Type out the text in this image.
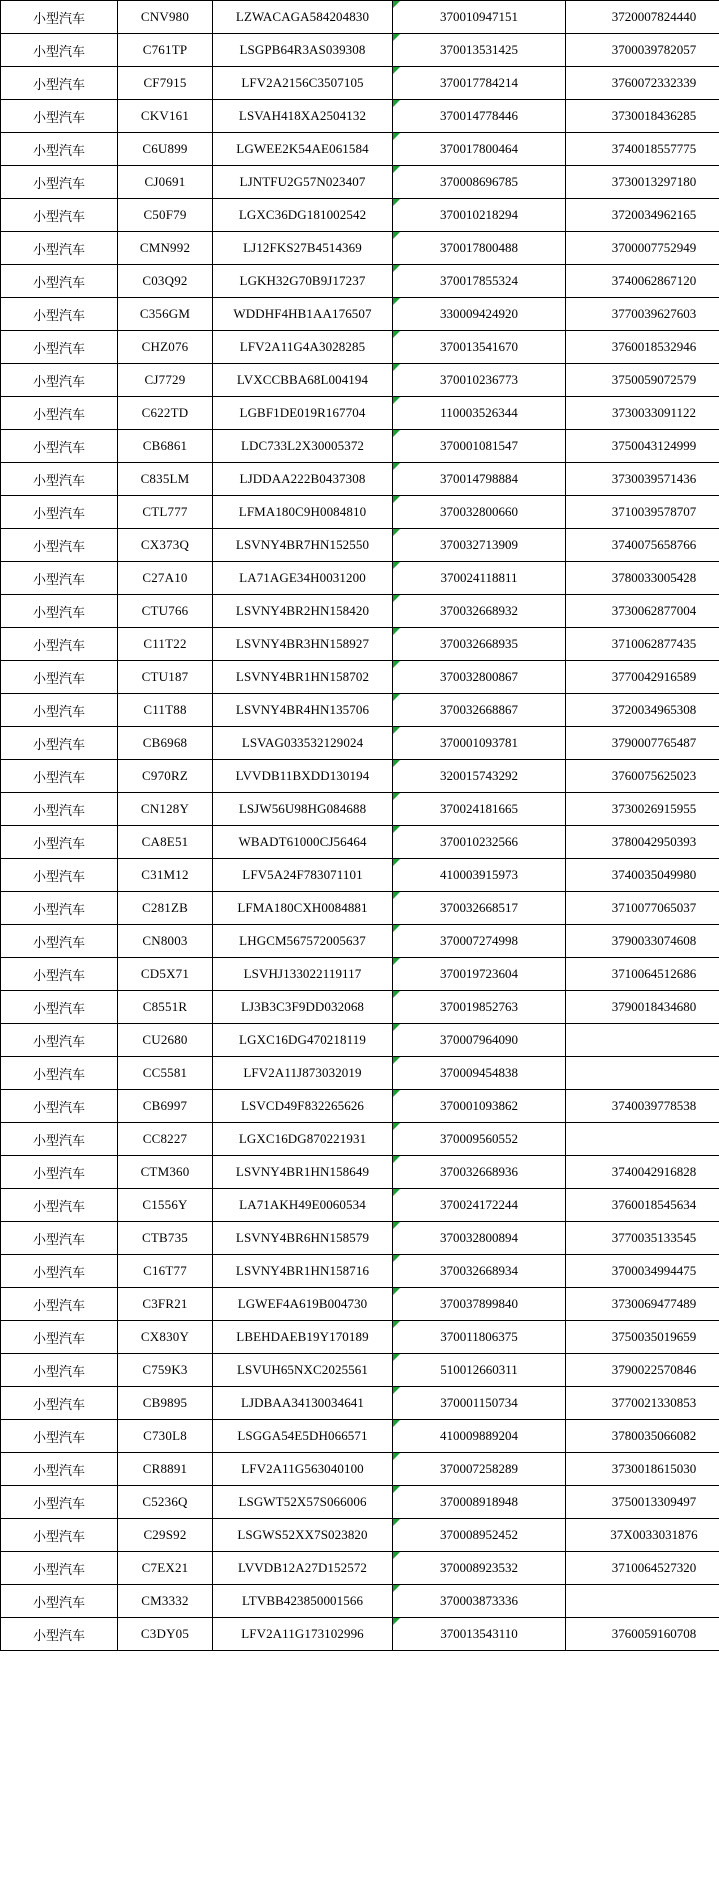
小型汽车	CNV980	LZWACAGA584204830	370010947151	3720007824440
小型汽车	C761TP	LSGPB64R3AS039308	370013531425	3700039782057
小型汽车	CF7915	LFV2A2156C3507105	370017784214	3760072332339
小型汽车	CKV161	LSVAH418XA2504132	370014778446	3730018436285
小型汽车	C6U899	LGWEE2K54AE061584	370017800464	3740018557775
小型汽车	CJ0691	LJNTFU2G57N023407	370008696785	3730013297180
小型汽车	C50F79	LGXC36DG181002542	370010218294	3720034962165
小型汽车	CMN992	LJ12FKS27B4514369	370017800488	3700007752949
小型汽车	C03Q92	LGKH32G70B9J17237	370017855324	3740062867120
小型汽车	C356GM	WDDHF4HB1AA176507	330009424920	3770039627603
小型汽车	CHZ076	LFV2A11G4A3028285	370013541670	3760018532946
小型汽车	CJ7729	LVXCCBBA68L004194	370010236773	3750059072579
小型汽车	C622TD	LGBF1DE019R167704	110003526344	3730033091122
小型汽车	CB6861	LDC733L2X30005372	370001081547	3750043124999
小型汽车	C835LM	LJDDAA222B0437308	370014798884	3730039571436
小型汽车	CTL777	LFMA180C9H0084810	370032800660	3710039578707
小型汽车	CX373Q	LSVNY4BR7HN152550	370032713909	3740075658766
小型汽车	C27A10	LA71AGE34H0031200	370024118811	3780033005428
小型汽车	CTU766	LSVNY4BR2HN158420	370032668932	3730062877004
小型汽车	C11T22	LSVNY4BR3HN158927	370032668935	3710062877435
小型汽车	CTU187	LSVNY4BR1HN158702	370032800867	3770042916589
小型汽车	C11T88	LSVNY4BR4HN135706	370032668867	3720034965308
小型汽车	CB6968	LSVAG033532129024	370001093781	3790007765487
小型汽车	C970RZ	LVVDB11BXDD130194	320015743292	3760075625023
小型汽车	CN128Y	LSJW56U98HG084688	370024181665	3730026915955
小型汽车	CA8E51	WBADT61000CJ56464	370010232566	3780042950393
小型汽车	C31M12	LFV5A24F783071101	410003915973	3740035049980
小型汽车	C281ZB	LFMA180CXH0084881	370032668517	3710077065037
小型汽车	CN8003	LHGCM567572005637	370007274998	3790033074608
小型汽车	CD5X71	LSVHJ133022119117	370019723604	3710064512686
小型汽车	C8551R	LJ3B3C3F9DD032068	370019852763	3790018434680
小型汽车	CU2680	LGXC16DG470218119	370007964090	
小型汽车	CC5581	LFV2A11J873032019	370009454838	
小型汽车	CB6997	LSVCD49F832265626	370001093862	3740039778538
小型汽车	CC8227	LGXC16DG870221931	370009560552	
小型汽车	CTM360	LSVNY4BR1HN158649	370032668936	3740042916828
小型汽车	C1556Y	LA71AKH49E0060534	370024172244	3760018545634
小型汽车	CTB735	LSVNY4BR6HN158579	370032800894	3770035133545
小型汽车	C16T77	LSVNY4BR1HN158716	370032668934	3700034994475
小型汽车	C3FR21	LGWEF4A619B004730	370037899840	3730069477489
小型汽车	CX830Y	LBEHDAEB19Y170189	370011806375	3750035019659
小型汽车	C759K3	LSVUH65NXC2025561	510012660311	3790022570846
小型汽车	CB9895	LJDBAA34130034641	370001150734	3770021330853
小型汽车	C730L8	LSGGA54E5DH066571	410009889204	3780035066082
小型汽车	CR8891	LFV2A11G563040100	370007258289	3730018615030
小型汽车	C5236Q	LSGWT52X57S066006	370008918948	3750013309497
小型汽车	C29S92	LSGWS52XX7S023820	370008952452	37X0033031876
小型汽车	C7EX21	LVVDB12A27D152572	370008923532	3710064527320
小型汽车	CM3332	LTVBB423850001566	370003873336	
小型汽车	C3DY05	LFV2A11G173102996	370013543110	3760059160708
